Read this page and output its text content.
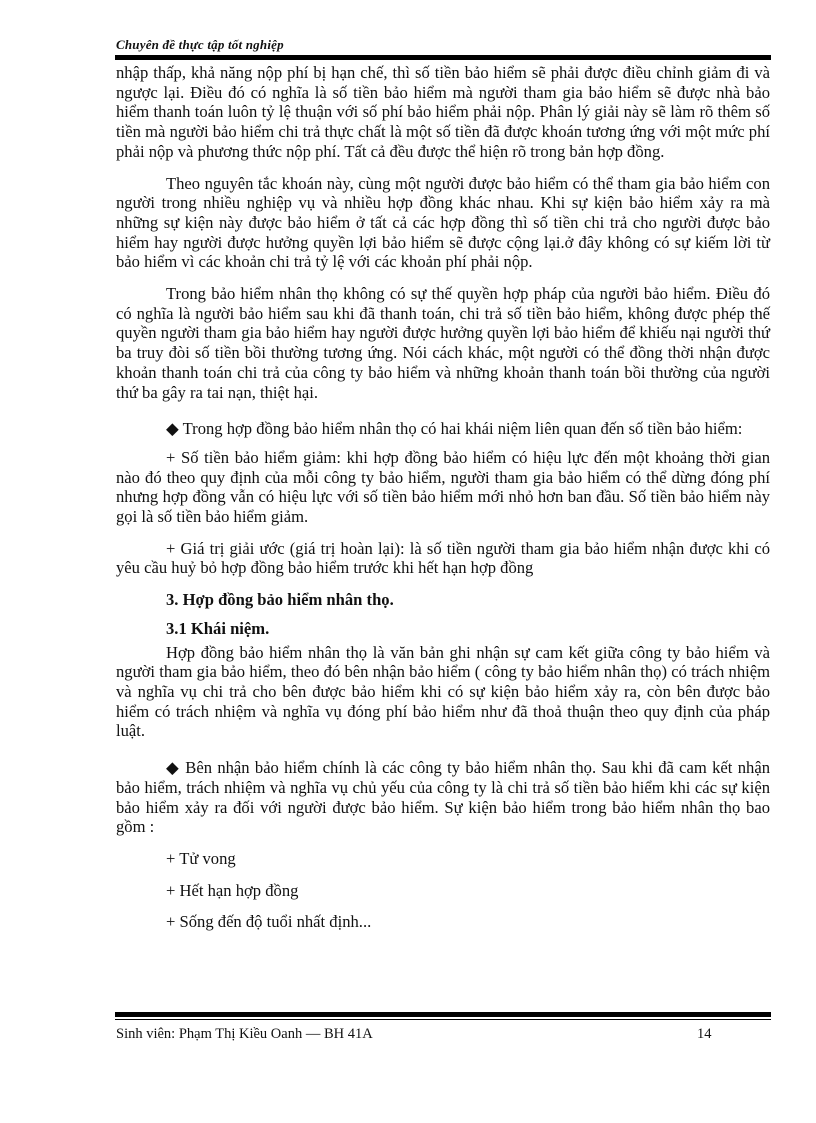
Chuyên đề thực tập tốt nghiệp

nhập thấp, khả năng nộp phí bị hạn chế, thì số tiền bảo hiểm sẽ phải được điều chỉnh giảm đi và ngược lại. Điều đó có nghĩa là số tiền bảo hiểm mà người tham gia bảo hiểm sẽ được nhà bảo hiểm thanh toán luôn tỷ lệ thuận với số phí bảo hiểm phải nộp. Phân lý giải này sẽ làm rõ thêm số tiền mà người bảo hiểm chi trả thực chất là một số tiền đã được khoán tương ứng với một mức phí phải nộp và phương thức nộp phí. Tất cả đều được thể hiện rõ trong bản hợp đồng.

Theo nguyên tắc khoán này, cùng một người được bảo hiểm có thể tham gia bảo hiểm con người trong nhiều nghiệp vụ và nhiều hợp đồng khác nhau. Khi sự kiện bảo hiểm xảy ra mà những sự kiện này được bảo hiểm ở tất cả các hợp đồng thì số tiền chi trả cho người được bảo hiểm hay người được hưởng quyền lợi bảo hiểm sẽ được cộng lại.ở đây không có sự kiếm lời từ bảo hiểm vì các khoản chi trả tỷ lệ với các khoản phí phải nộp.

Trong bảo hiểm nhân thọ không có sự thế quyền hợp pháp của người bảo hiểm. Điều đó có nghĩa là người bảo hiểm sau khi đã thanh toán, chi trả số tiền bảo hiểm, không được phép thế quyền người tham gia bảo hiểm hay người được hưởng quyền lợi bảo hiểm để khiếu nại người thứ ba truy đòi số tiền bồi thường tương ứng. Nói cách khác, một người có thể đồng thời nhận được khoản thanh toán chi trả của công ty bảo hiểm và những khoản thanh toán bồi thường của người thứ ba gây ra tai nạn, thiệt hại.

◆ Trong hợp đồng bảo hiểm nhân thọ có hai khái niệm liên quan đến số tiền bảo hiểm:

+ Số tiền bảo hiểm giảm: khi hợp đồng bảo hiểm có hiệu lực đến một khoảng thời gian nào đó theo quy định của mỗi công ty bảo hiểm, người tham gia bảo hiểm có thể dừng đóng phí nhưng hợp đồng vẫn có hiệu lực với số tiền bảo hiểm mới nhỏ hơn ban đầu. Số tiền bảo hiểm này gọi là số tiền bảo hiểm giảm.

+ Giá trị giải ước (giá trị hoàn lại): là số tiền người tham gia bảo hiểm nhận được khi có yêu cầu huỷ bỏ hợp đồng bảo hiểm trước khi hết hạn hợp đồng

3. Hợp đồng bảo hiểm nhân thọ.

3.1 Khái niệm.

Hợp đồng bảo hiểm nhân thọ là văn bản ghi nhận sự cam kết giữa công ty bảo hiểm và người tham gia bảo hiểm, theo đó bên nhận bảo hiểm ( công ty bảo hiểm nhân thọ) có trách nhiệm và nghĩa vụ chi trả cho bên được bảo hiểm khi có sự kiện bảo hiểm xảy ra, còn bên được bảo hiểm có trách nhiệm và nghĩa vụ đóng phí bảo hiểm như đã thoả thuận theo quy định của pháp luật.

◆ Bên nhận bảo hiểm chính là các công ty bảo hiểm nhân thọ. Sau khi đã cam kết nhận bảo hiểm, trách nhiệm và nghĩa vụ chủ yếu của công ty là chi trả số tiền bảo hiểm khi các sự kiện bảo hiểm xảy ra đối với người được bảo hiểm. Sự kiện bảo hiểm trong bảo hiểm nhân thọ bao gồm :

+ Tử vong

+ Hết hạn hợp đồng

+ Sống đến độ tuổi nhất định...

Sinh viên: Phạm Thị Kiều Oanh — BH 41A	14
